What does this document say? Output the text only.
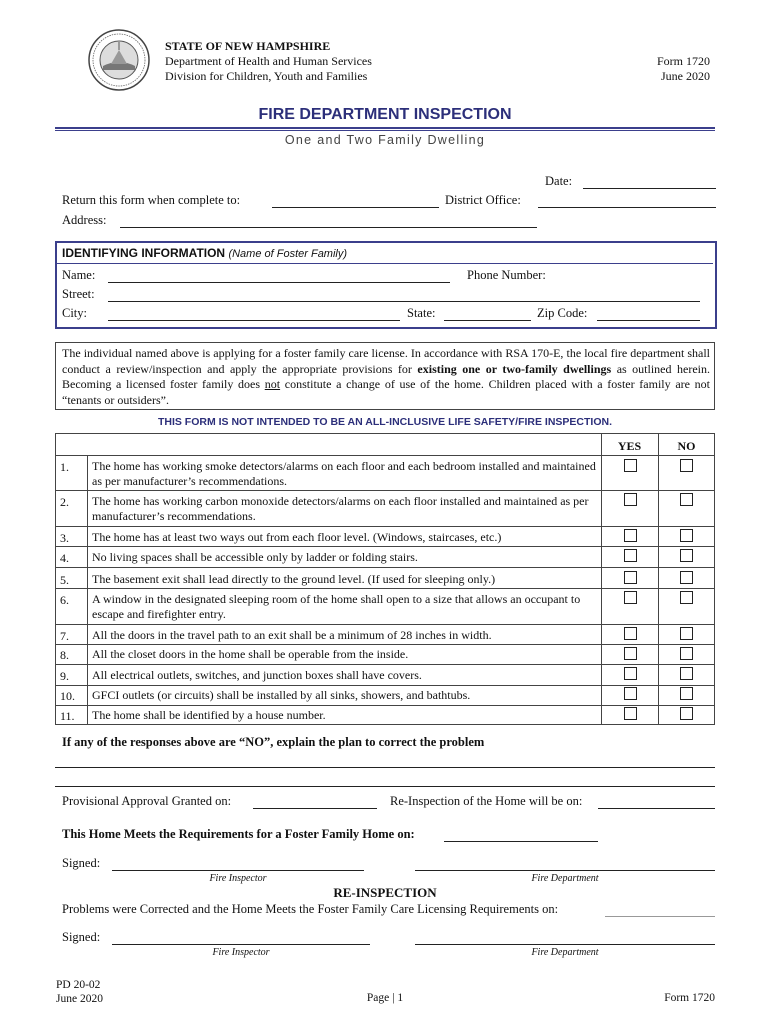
STATE OF NEW HAMPSHIRE
Department of Health and Human Services
Division for Children, Youth and Families
Form 1720
June 2020
FIRE DEPARTMENT INSPECTION
One and Two Family Dwelling
Date:
Return this form when complete to:	District Office:
Address:
IDENTIFYING INFORMATION (Name of Foster Family)
Name:	Phone Number:
Street:
City:	State:	Zip Code:
The individual named above is applying for a foster family care license. In accordance with RSA 170-E, the local fire department shall conduct a review/inspection and apply the appropriate provisions for existing one or two-family dwellings as outlined herein. Becoming a licensed foster family does not constitute a change of use of the home. Children placed with a foster family are not “tenants or outsiders”.
THIS FORM IS NOT INTENDED TO BE AN ALL-INCLUSIVE LIFE SAFETY/FIRE INSPECTION.
YES	NO
1. The home has working smoke detectors/alarms on each floor and each bedroom installed and maintained as per manufacturer’s recommendations.
2. The home has working carbon monoxide detectors/alarms on each floor installed and maintained as per manufacturer’s recommendations.
3. The home has at least two ways out from each floor level. (Windows, staircases, etc.)
4. No living spaces shall be accessible only by ladder or folding stairs.
5. The basement exit shall lead directly to the ground level. (If used for sleeping only.)
6. A window in the designated sleeping room of the home shall open to a size that allows an occupant to escape and firefighter entry.
7. All the doors in the travel path to an exit shall be a minimum of 28 inches in width.
8. All the closet doors in the home shall be operable from the inside.
9. All electrical outlets, switches, and junction boxes shall have covers.
10. GFCI outlets (or circuits) shall be installed by all sinks, showers, and bathtubs.
11. The home shall be identified by a house number.
If any of the responses above are “NO”, explain the plan to correct the problem
Provisional Approval Granted on:	Re-Inspection of the Home will be on:
This Home Meets the Requirements for a Foster Family Home on:
Signed:
Fire Inspector	Fire Department
RE-INSPECTION
Problems were Corrected and the Home Meets the Foster Family Care Licensing Requirements on:
Signed:
Fire Inspector	Fire Department
PD 20-02
June 2020	Page | 1	Form 1720
